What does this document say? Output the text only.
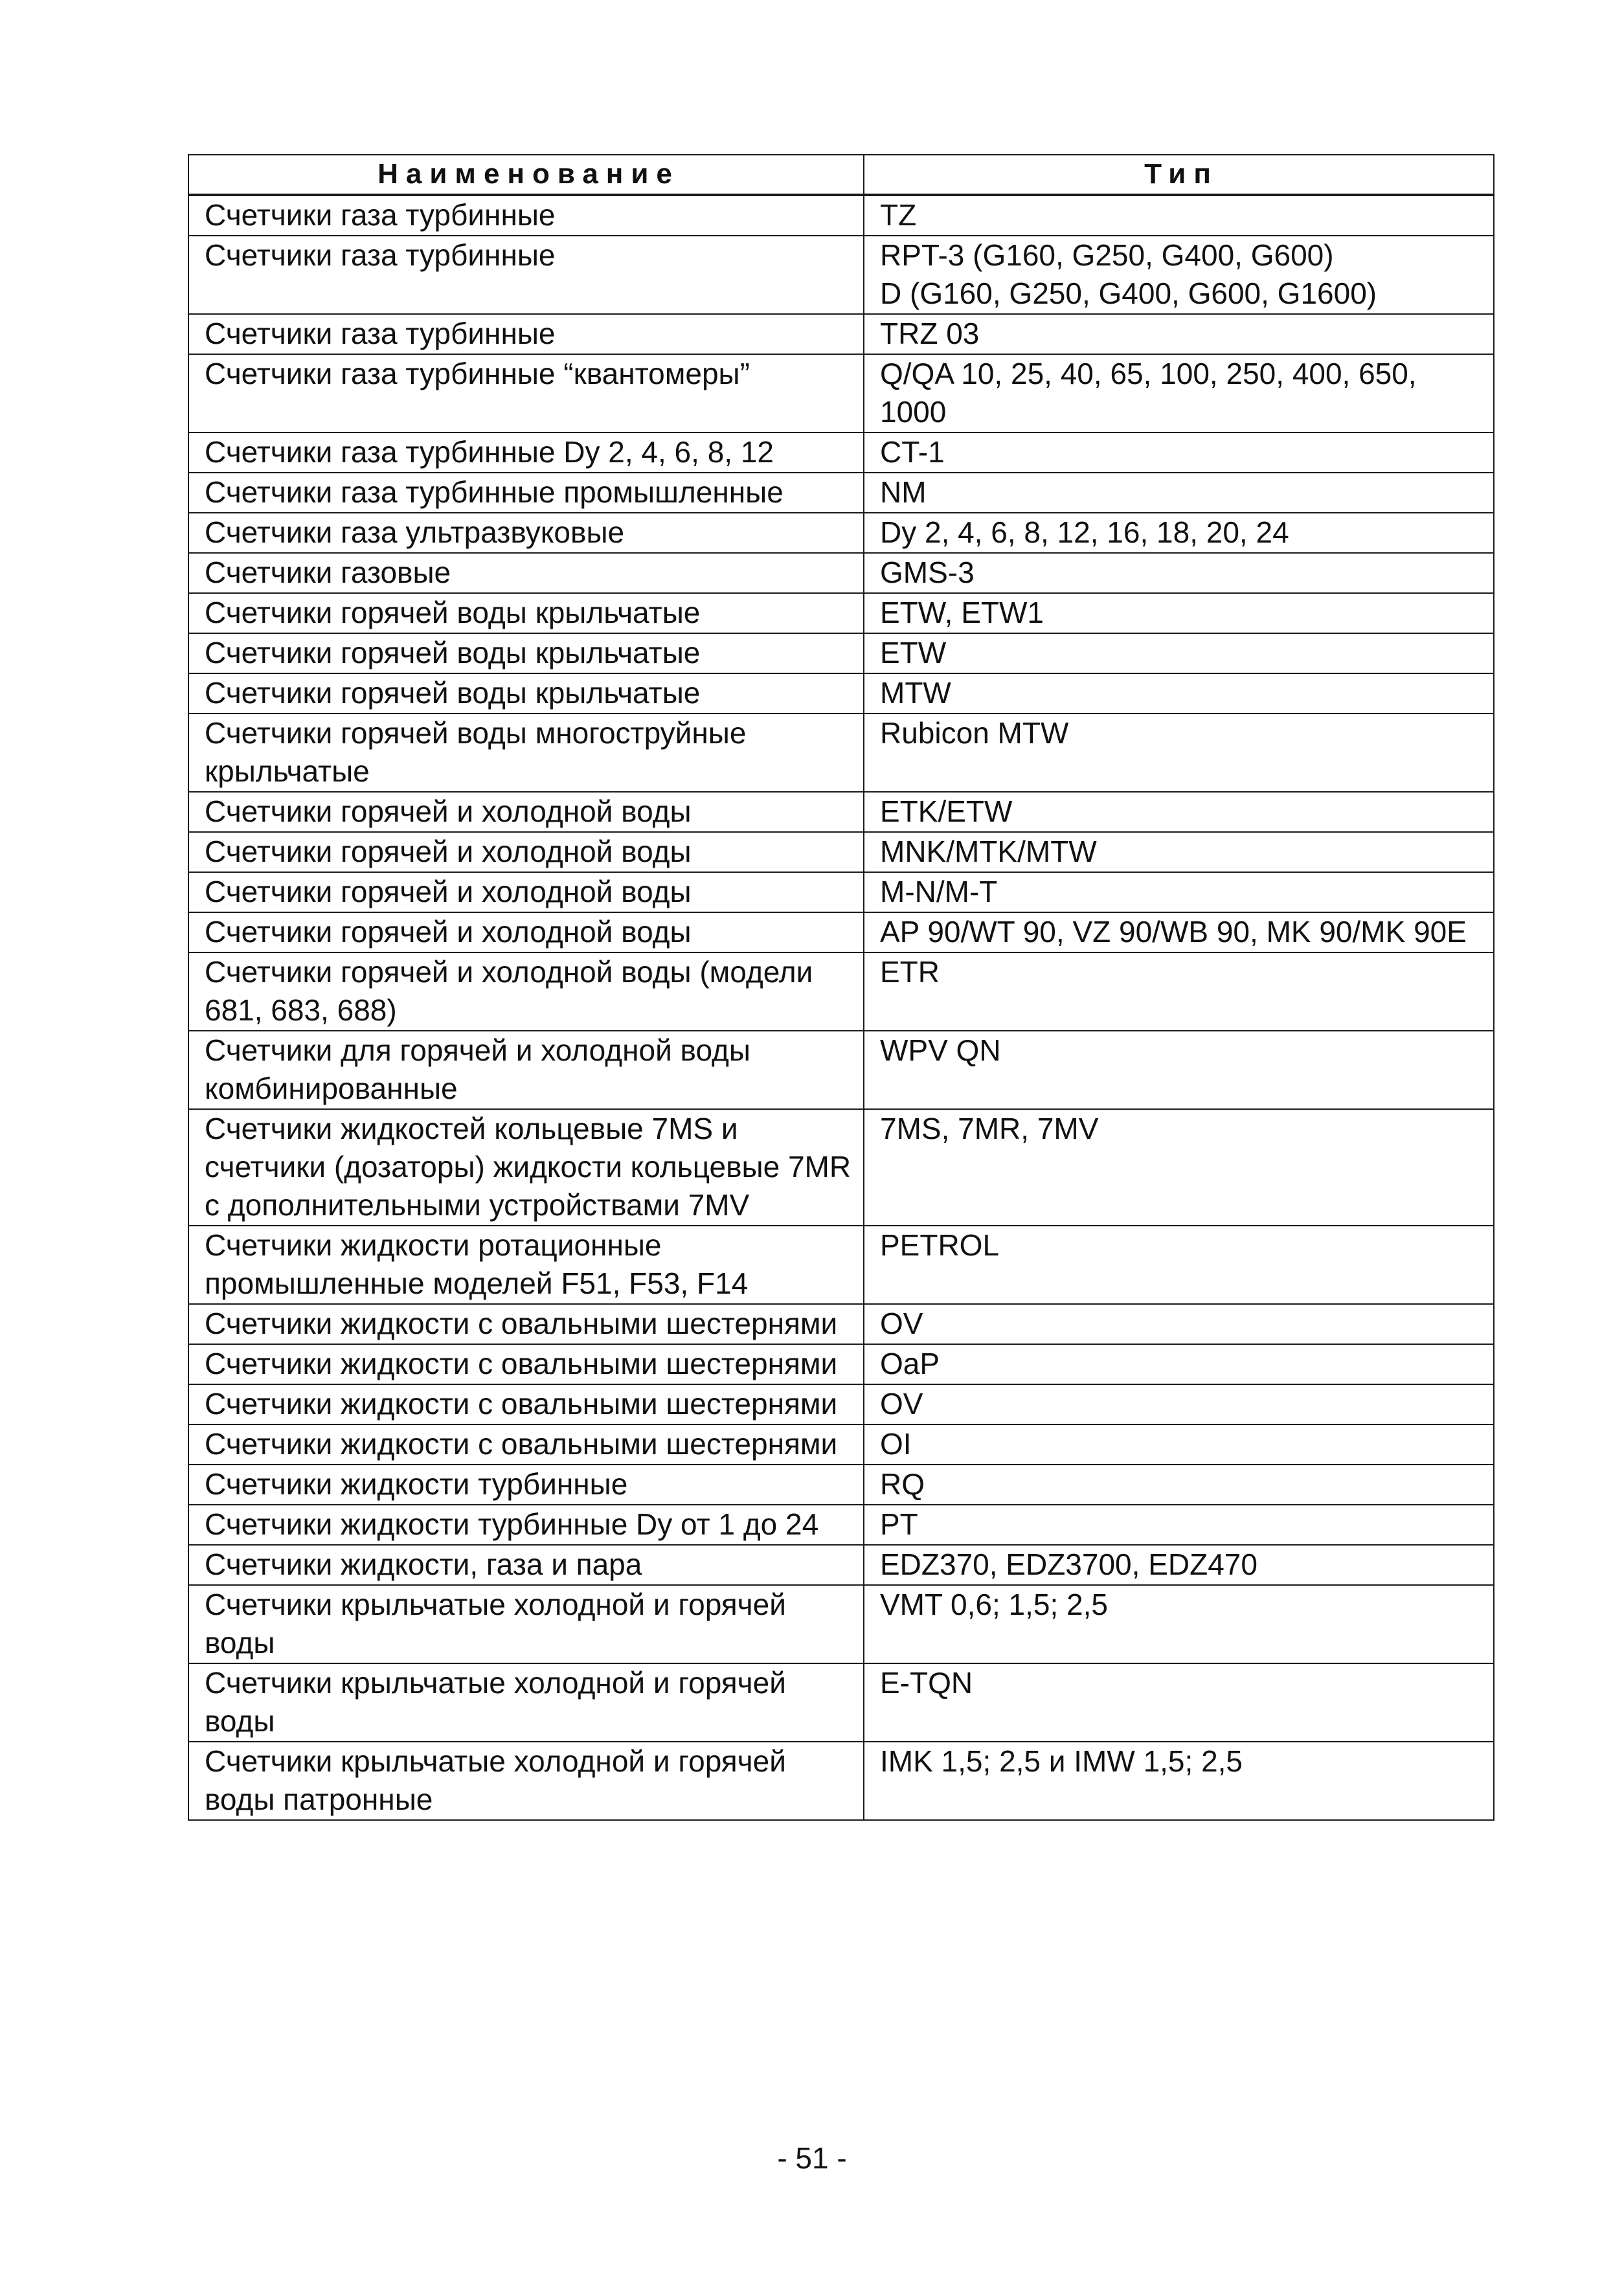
Наименование	Тип
Счетчики газа турбинные	TZ
Счетчики газа турбинные	RPT-3 (G160, G250, G400, G600)
D (G160, G250, G400, G600, G1600)
Счетчики газа турбинные	TRZ 03
Счетчики газа турбинные “квантомеры”	Q/QA 10, 25, 40, 65, 100, 250, 400, 650, 1000
Счетчики газа турбинные Dу 2, 4, 6, 8, 12	CT-1
Счетчики газа турбинные промышленные	NM
Счетчики газа ультразвуковые	Dу 2, 4, 6, 8, 12, 16, 18, 20, 24
Счетчики газовые	GMS-3
Счетчики горячей воды крыльчатые	ETW, ETW1
Счетчики горячей воды крыльчатые	ETW
Счетчики горячей воды крыльчатые	MTW
Счетчики горячей воды многоструйные крыльчатые	Rubicon MTW
Счетчики горячей и холодной воды	ETK/ETW
Счетчики горячей и холодной воды	MNK/MTK/MTW
Счетчики горячей и холодной воды	M-N/M-T
Счетчики горячей и холодной воды	AP 90/WT 90, VZ 90/WB 90, MK 90/MK 90E
Счетчики горячей и холодной воды (модели 681, 683, 688)	ETR
Счетчики для горячей и холодной воды комбинированные	WPV QN
Счетчики жидкостей кольцевые 7MS и счетчики (дозаторы) жидкости кольцевые 7MR с дополнительными устройствами 7MV	7MS, 7MR, 7MV
Счетчики жидкости ротационные промышленные моделей F51, F53, F14	PETROL
Счетчики жидкости с овальными шестернями	OV
Счетчики жидкости с овальными шестернями	OaP
Счетчики жидкости с овальными шестернями	OV
Счетчики жидкости с овальными шестернями	OI
Счетчики жидкости турбинные	RQ
Счетчики жидкости турбинные Dу от 1 до 24	PT
Счетчики жидкости, газа и пара	EDZ370, EDZ3700, EDZ470
Счетчики крыльчатые холодной и горячей воды	VMT 0,6; 1,5; 2,5
Счетчики крыльчатые холодной и горячей воды	E-TQN
Счетчики крыльчатые холодной и горячей воды патронные	IMK 1,5; 2,5 и IMW 1,5; 2,5
- 51 -
